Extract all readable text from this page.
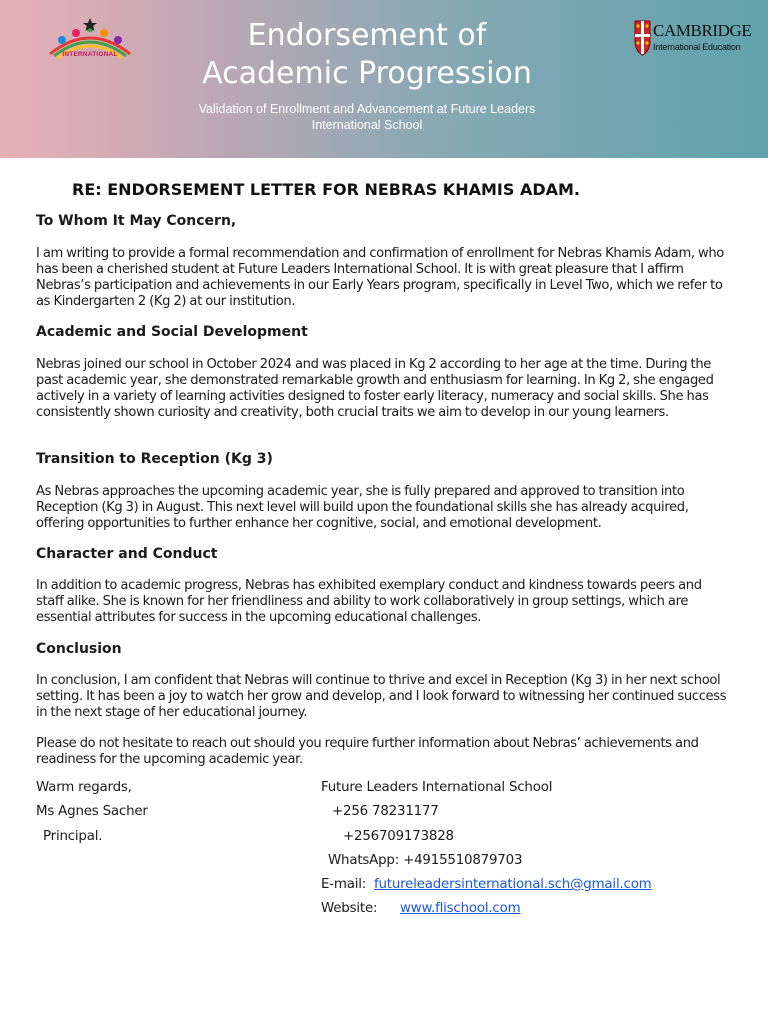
INTERNATIONAL
Endorsement of
Academic Progression
Validation of Enrollment and Advancement at Future Leaders
International School
CAMBRIDGE
International Education
RE: ENDORSEMENT LETTER FOR NEBRAS KHAMIS ADAM.
To Whom It May Concern,

I am writing to provide a formal recommendation and confirmation of enrollment for Nebras Khamis Adam, who has been a cherished student at Future Leaders International School. It is with great pleasure that I affirm Nebras’s participation and achievements in our Early Years program, specifically in Level Two, which we refer to as Kindergarten 2 (Kg 2) at our institution.

Academic and Social Development

Nebras joined our school in October 2024 and was placed in Kg 2 according to her age at the time. During the past academic year, she demonstrated remarkable growth and enthusiasm for learning. In Kg 2, she engaged actively in a variety of learning activities designed to foster early literacy, numeracy and social skills. She has consistently shown curiosity and creativity, both crucial traits we aim to develop in our young learners.

Transition to Reception (Kg 3)

As Nebras approaches the upcoming academic year, she is fully prepared and approved to transition into Reception (Kg 3) in August. This next level will build upon the foundational skills she has already acquired, offering opportunities to further enhance her cognitive, social, and emotional development.

Character and Conduct

In addition to academic progress, Nebras has exhibited exemplary conduct and kindness towards peers and staff alike. She is known for her friendliness and ability to work collaboratively in group settings, which are essential attributes for success in the upcoming educational challenges.

Conclusion

In conclusion, I am confident that Nebras will continue to thrive and excel in Reception (Kg 3) in her next school setting. It has been a joy to watch her grow and develop, and I look forward to witnessing her continued success in the next stage of her educational journey.

Please do not hesitate to reach out should you require further information about Nebras’ achievements and readiness for the upcoming academic year.

Warm regards,
Ms Agnes Sacher
Principal.
Future Leaders International School
+256 78231177
+256709173828
WhatsApp: +4915510879703
E-mail: futureleadersinternational.sch@gmail.com
Website: www.flischool.com
